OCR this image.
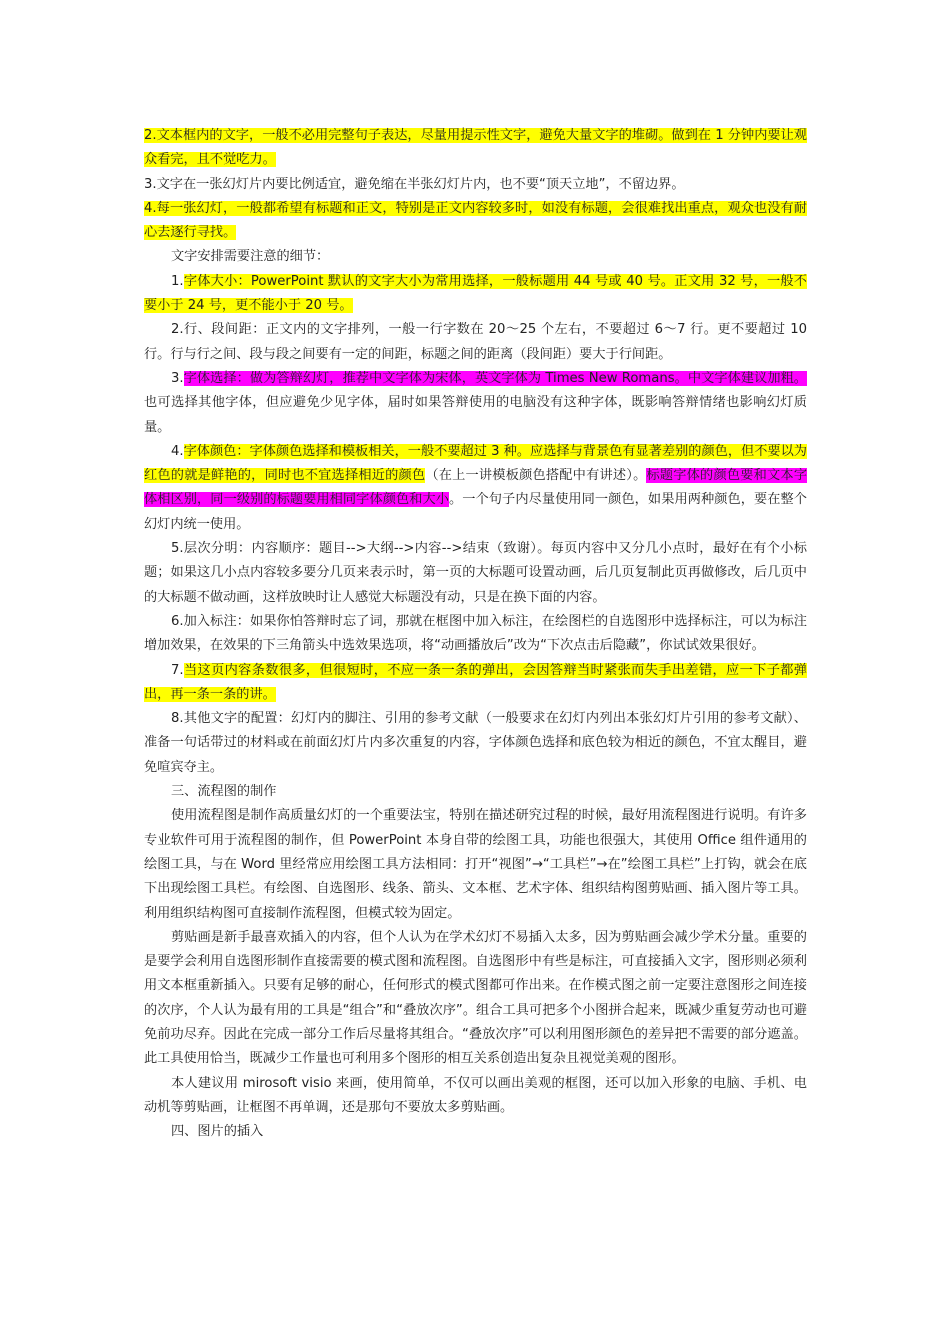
2.文本框内的文字，一般不必用完整句子表达，尽量用提示性文字，避免大量文字的堆砌。做到在 1 分钟内要让观众看完，且不觉吃力。

3.文字在一张幻灯片内要比例适宜，避免缩在半张幻灯片内，也不要“顶天立地”，不留边界。

4.每一张幻灯，一般都希望有标题和正文，特别是正文内容较多时，如没有标题，会很难找出重点，观众也没有耐心去逐行寻找。

文字安排需要注意的细节：

1.字体大小：PowerPoint 默认的文字大小为常用选择，一般标题用 44 号或 40 号。正文用 32 号，一般不要小于 24 号，更不能小于 20 号。

2.行、段间距：正文内的文字排列，一般一行字数在 20～25 个左右，不要超过 6～7 行。更不要超过 10 行。行与行之间、段与段之间要有一定的间距，标题之间的距离（段间距）要大于行间距。

3.字体选择：做为答辩幻灯，推荐中文字体为宋体，英文字体为 Times New Romans。中文字体建议加粗。也可选择其他字体，但应避免少见字体，届时如果答辩使用的电脑没有这种字体，既影响答辩情绪也影响幻灯质量。

4.字体颜色：字体颜色选择和模板相关，一般不要超过 3 种。应选择与背景色有显著差别的颜色，但不要以为红色的就是鲜艳的，同时也不宜选择相近的颜色（在上一讲模板颜色搭配中有讲述）。标题字体的颜色要和文本字体相区别，同一级别的标题要用相同字体颜色和大小。一个句子内尽量使用同一颜色，如果用两种颜色，要在整个幻灯内统一使用。

5.层次分明：内容顺序：题目-->大纲-->内容-->结束（致谢）。每页内容中又分几小点时，最好在有个小标题；如果这几小点内容较多要分几页来表示时，第一页的大标题可设置动画，后几页复制此页再做修改，后几页中的大标题不做动画，这样放映时让人感觉大标题没有动，只是在换下面的内容。

6.加入标注：如果你怕答辩时忘了词，那就在框图中加入标注，在绘图栏的自选图形中选择标注，可以为标注增加效果，在效果的下三角箭头中选效果选项，将“动画播放后”改为“下次点击后隐藏”，你试试效果很好。

7.当这页内容条数很多，但很短时，不应一条一条的弹出，会因答辩当时紧张而失手出差错，应一下子都弹出，再一条一条的讲。

8.其他文字的配置：幻灯内的脚注、引用的参考文献（一般要求在幻灯内列出本张幻灯片引用的参考文献）、准备一句话带过的材料或在前面幻灯片内多次重复的内容，字体颜色选择和底色较为相近的颜色，不宜太醒目，避免喧宾夺主。

三、流程图的制作

使用流程图是制作高质量幻灯的一个重要法宝，特别在描述研究过程的时候，最好用流程图进行说明。有许多专业软件可用于流程图的制作，但 PowerPoint 本身自带的绘图工具，功能也很强大，其使用 Office 组件通用的绘图工具，与在 Word 里经常应用绘图工具方法相同：打开“视图”→“工具栏”→在”绘图工具栏”上打钩，就会在底下出现绘图工具栏。有绘图、自选图形、线条、箭头、文本框、艺术字体、组织结构图剪贴画、插入图片等工具。利用组织结构图可直接制作流程图，但模式较为固定。

剪贴画是新手最喜欢插入的内容，但个人认为在学术幻灯不易插入太多，因为剪贴画会减少学术分量。重要的是要学会利用自选图形制作直接需要的模式图和流程图。自选图形中有些是标注，可直接插入文字，图形则必须利用文本框重新插入。只要有足够的耐心，任何形式的模式图都可作出来。在作模式图之前一定要注意图形之间连接的次序，个人认为最有用的工具是“组合”和“叠放次序”。组合工具可把多个小图拼合起来，既减少重复劳动也可避免前功尽弃。因此在完成一部分工作后尽量将其组合。“叠放次序”可以利用图形颜色的差异把不需要的部分遮盖。此工具使用恰当，既减少工作量也可利用多个图形的相互关系创造出复杂且视觉美观的图形。

本人建议用 mirosoft visio 来画，使用简单，不仅可以画出美观的框图，还可以加入形象的电脑、手机、电动机等剪贴画，让框图不再单调，还是那句不要放太多剪贴画。

四、图片的插入
